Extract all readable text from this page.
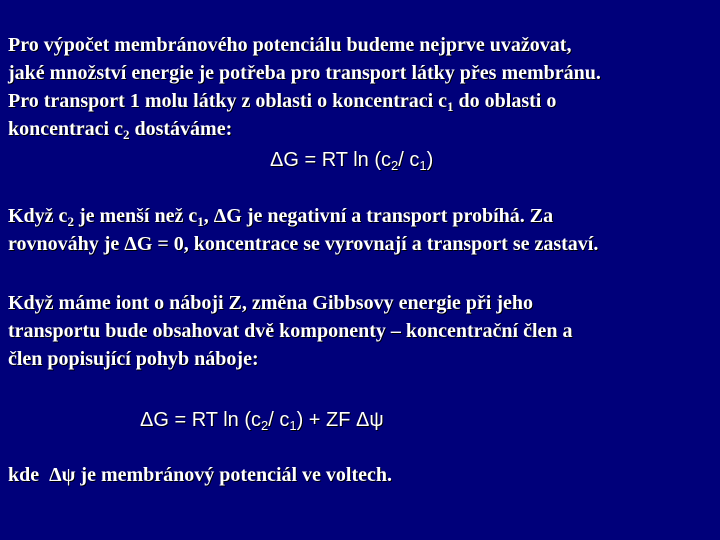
Pro výpočet membránového potenciálu budeme nejprve uvažovat,
jaké množství energie je potřeba pro transport látky přes membránu.
Pro transport 1 molu látky z oblasti o koncentraci $c_1$ do oblasti o
koncentraci $c_2$ dostáváme:
ΔG = RT $\ln (c_2/$ $c_1$)
Když $c_2$ je menší než $c_1$, ΔG je negativní a transport probíhá. Za
rovnováhy je ΔG = 0, koncentrace se vyrovnají a transport se zastaví.
Když máme iont o náboji Z, změna Gibbsovy energie při jeho
transportu bude obsahovat dvě komponenty – koncentrační člen a
člen popisující pohyb náboje:
ΔG = RT $\ln (c_2/$ $c_1$) + ZF Δψ
kde  Δψ je membránový potenciál ve voltech.
